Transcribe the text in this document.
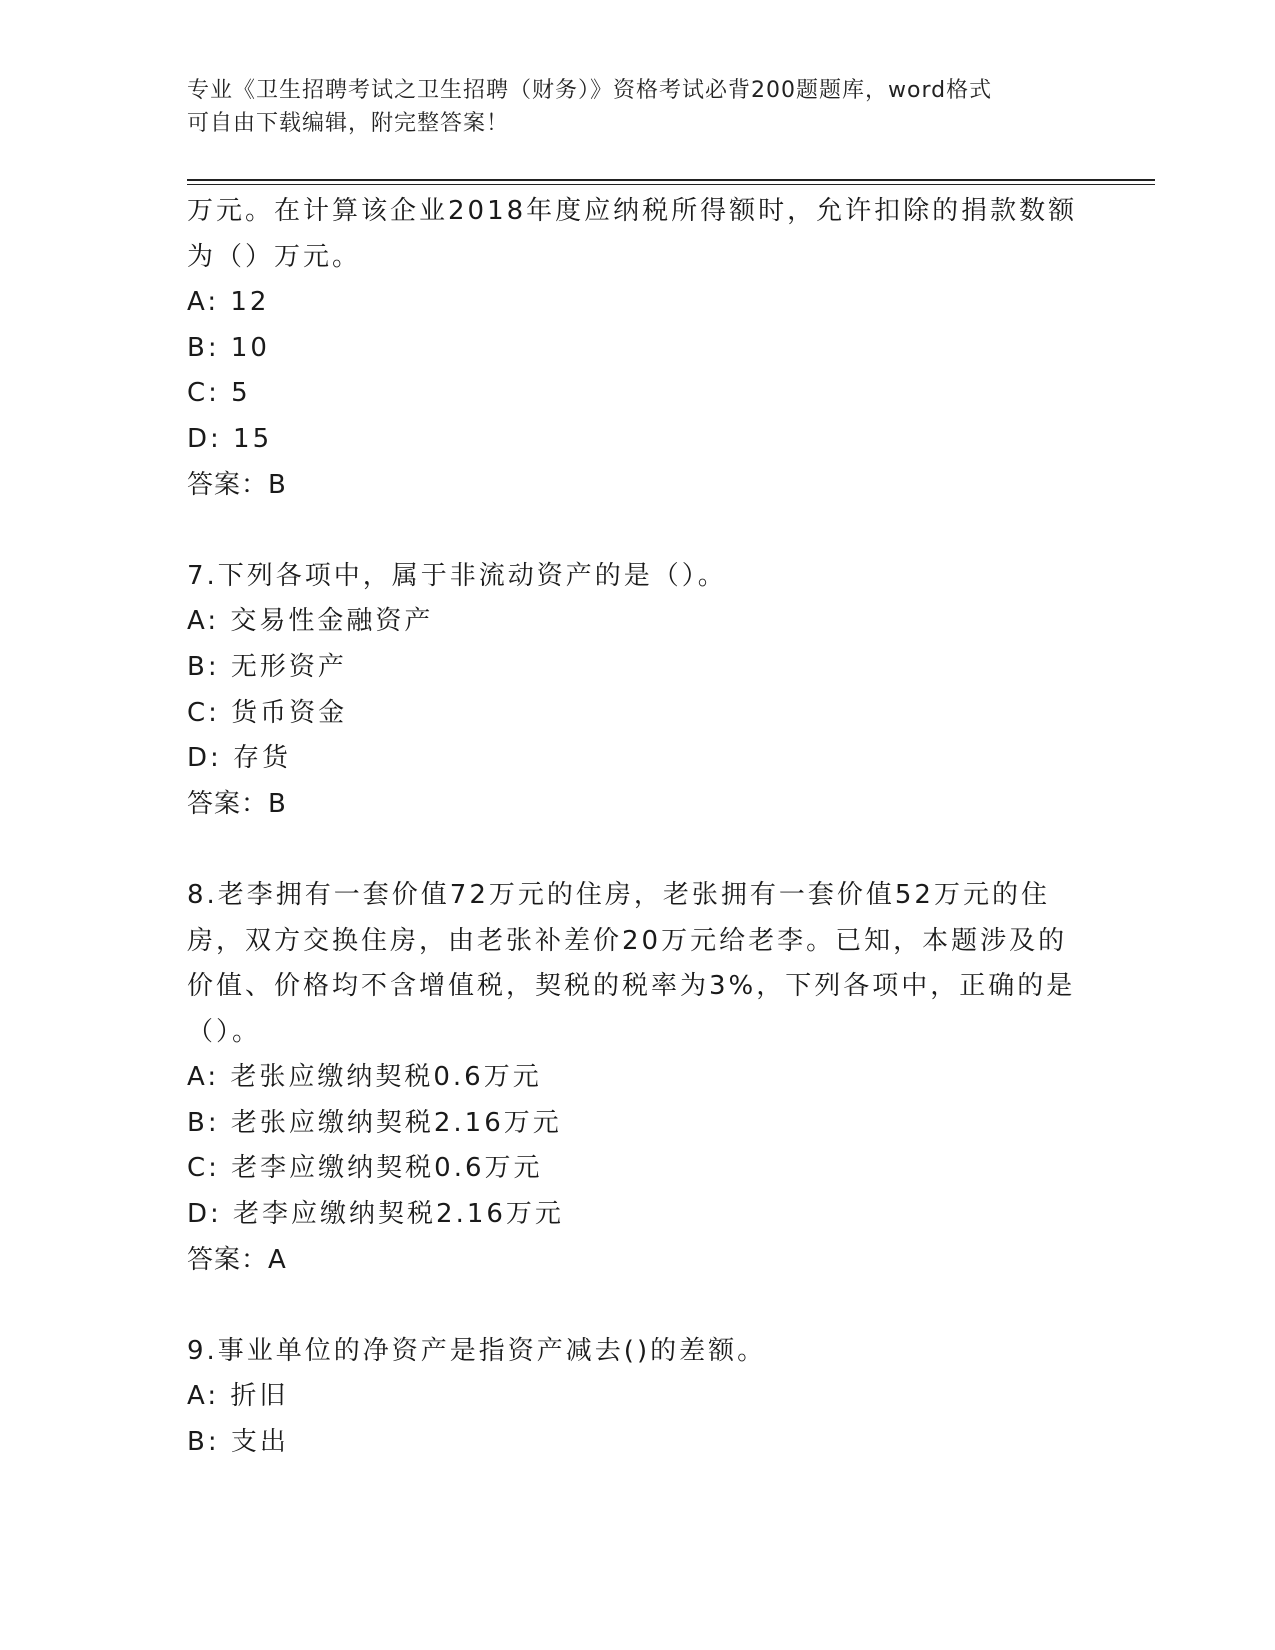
专业《卫生招聘考试之卫生招聘（财务）》资格考试必背200题题库，word格式
可自由下载编辑，附完整答案！
万元。在计算该企业2018年度应纳税所得额时，允许扣除的捐款数额
为（）万元。
A: 12
B: 10
C: 5
D: 15
答案：B
7.下列各项中，属于非流动资产的是（）。
A: 交易性金融资产
B: 无形资产
C: 货币资金
D: 存货
答案：B
8.老李拥有一套价值72万元的住房，老张拥有一套价值52万元的住
房，双方交换住房，由老张补差价20万元给老李。已知，本题涉及的
价值、价格均不含增值税，契税的税率为3%，下列各项中，正确的是
（）。
A: 老张应缴纳契税0.6万元
B: 老张应缴纳契税2.16万元
C: 老李应缴纳契税0.6万元
D: 老李应缴纳契税2.16万元
答案：A
9.事业单位的净资产是指资产减去()的差额。
A: 折旧
B: 支出
